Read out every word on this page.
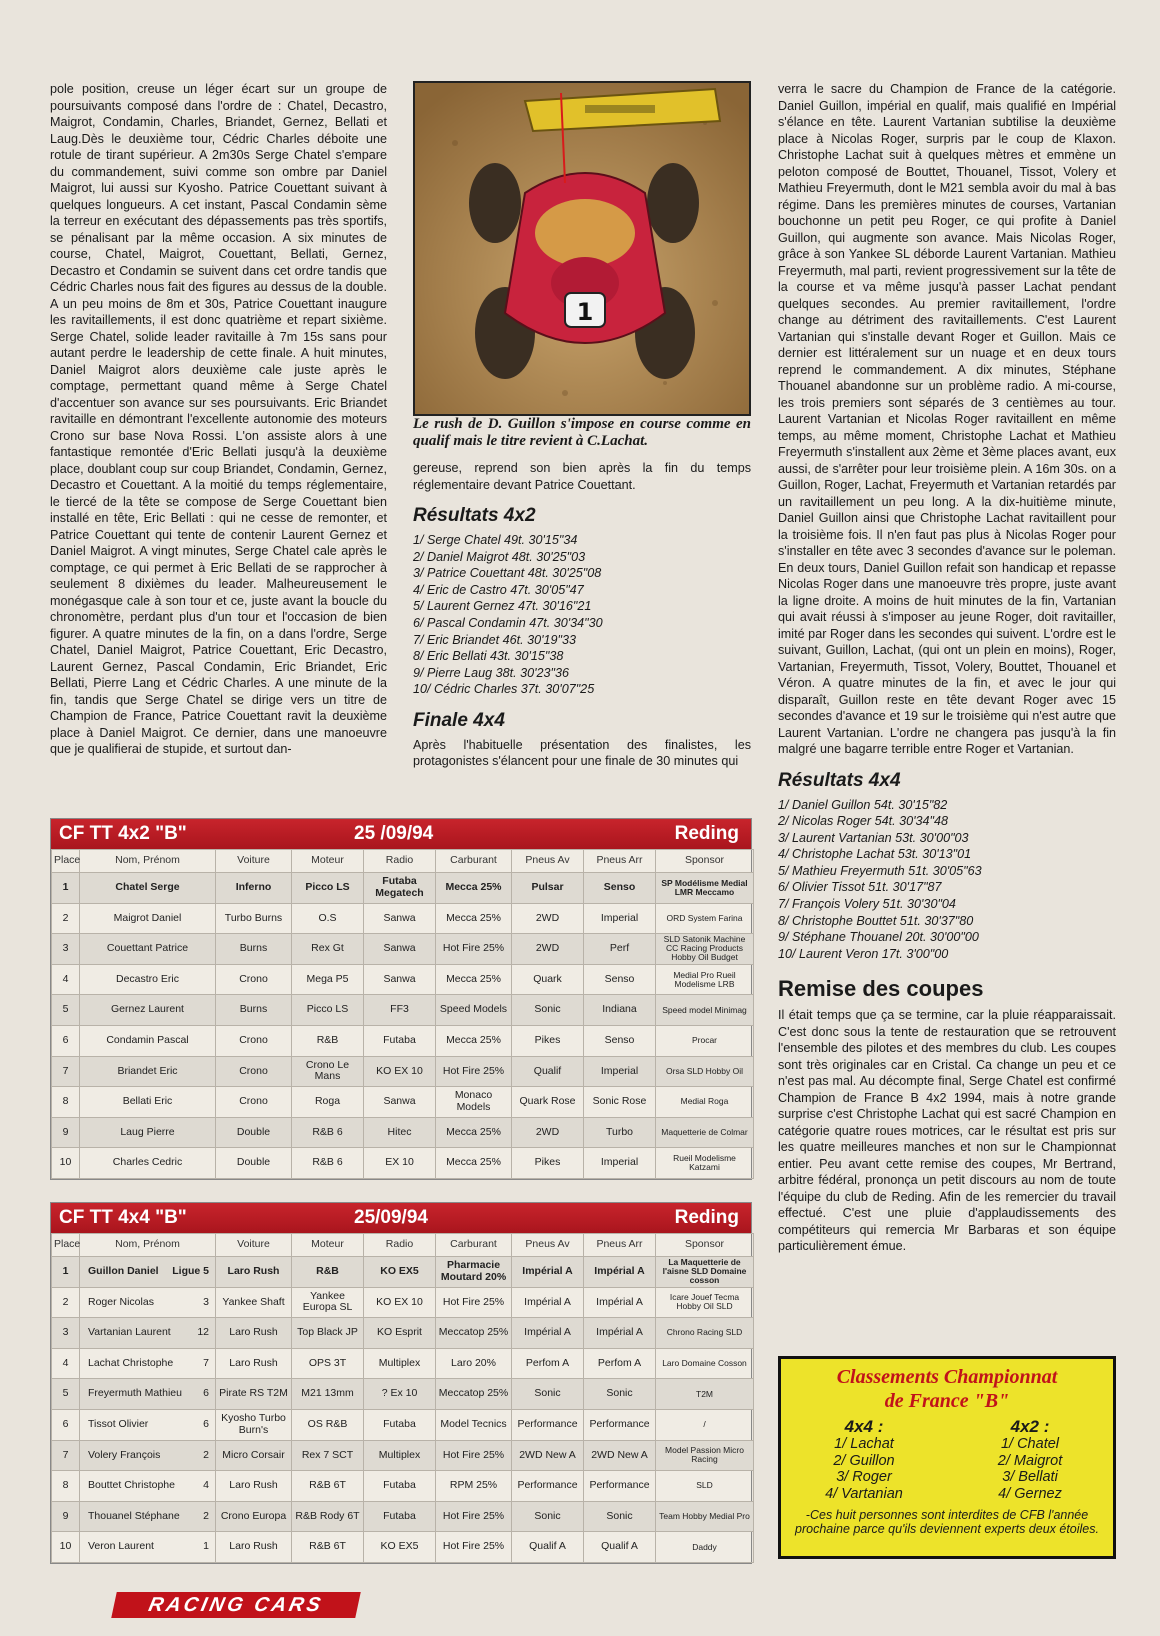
pole position, creuse un léger écart sur un groupe de poursuivants composé dans l'ordre de : Chatel, Decastro, Maigrot, Condamin, Charles, Briandet, Gernez, Bellati et Laug.Dès le deuxième tour, Cédric Charles déboite une rotule de tirant supérieur. A 2m30s Serge Chatel s'empare du commandement, suivi comme son ombre par Daniel Maigrot, lui aussi sur Kyosho. Patrice Couettant suivant à quelques longueurs. A cet instant, Pascal Condamin sème la terreur en exécutant des dépassements pas très sportifs, se pénalisant par la même occasion. A six minutes de course, Chatel, Maigrot, Couettant, Bellati, Gernez, Decastro et Condamin se suivent dans cet ordre tandis que Cédric Charles nous fait des figures au dessus de la double. A un peu moins de 8m et 30s, Patrice Couettant inaugure les ravitaillements, il est donc quatrième et repart sixième. Serge Chatel, solide leader ravitaille à 7m 15s sans pour autant perdre le leadership de cette finale. A huit minutes, Daniel Maigrot alors deuxième cale juste après le comptage, permettant quand même à Serge Chatel d'accentuer son avance sur ses poursuivants. Eric Briandet ravitaille en démontrant l'excellente autonomie des moteurs Crono sur base Nova Rossi. L'on assiste alors à une fantastique remontée d'Eric Bellati jusqu'à la deuxième place, doublant coup sur coup Briandet, Condamin, Gernez, Decastro et Couettant. A la moitié du temps réglementaire, le tiercé de la tête se compose de Serge Couettant bien installé en tête, Eric Bellati : qui ne cesse de remonter, et Patrice Couettant qui tente de contenir Laurent Gernez et Daniel Maigrot. A vingt minutes, Serge Chatel cale après le comptage, ce qui permet à Eric Bellati de se rapprocher à seulement 8 dixièmes du leader. Malheureusement le monégasque cale à son tour et ce, juste avant la boucle du chronomètre, perdant plus d'un tour et l'occasion de bien figurer. A quatre minutes de la fin, on a dans l'ordre, Serge Chatel, Daniel Maigrot, Patrice Couettant, Eric Decastro, Laurent Gernez, Pascal Condamin, Eric Briandet, Eric Bellati, Pierre Lang et Cédric Charles. A une minute de la fin, tandis que Serge Chatel se dirige vers un titre de Champion de France, Patrice Couettant ravit la deuxième place à Daniel Maigrot. Ce dernier, dans une manoeuvre que je qualifierai de stupide, et surtout dan-

1

Le rush de D. Guillon s'impose en course comme en qualif mais le titre revient à C.Lachat.

gereuse, reprend son bien après la fin du temps réglementaire devant Patrice Couettant.

Résultats 4x2
1/ Serge Chatel 49t. 30'15"34
2/ Daniel Maigrot 48t. 30'25"03
3/ Patrice Couettant 48t. 30'25"08
4/ Eric de Castro 47t. 30'05"47
5/ Laurent Gernez 47t. 30'16"21
6/ Pascal Condamin 47t. 30'34"30
7/ Eric Briandet 46t. 30'19"33
8/ Eric Bellati 43t. 30'15"38
9/ Pierre Laug 38t. 30'23"36
10/ Cédric Charles 37t. 30'07"25
Finale 4x4

Après l'habituelle présentation des finalistes, les protagonistes s'élancent pour une finale de 30 minutes qui

verra le sacre du Champion de France de la catégorie. Daniel Guillon, impérial en qualif, mais qualifié en Impérial s'élance en tête. Laurent Vartanian subtilise la deuxième place à Nicolas Roger, surpris par le coup de Klaxon. Christophe Lachat suit à quelques mètres et emmène un peloton composé de Bouttet, Thouanel, Tissot, Volery et Mathieu Freyermuth, dont le M21 sembla avoir du mal à bas régime. Dans les premières minutes de courses, Vartanian bouchonne un petit peu Roger, ce qui profite à Daniel Guillon, qui augmente son avance. Mais Nicolas Roger, grâce à son Yankee SL déborde Laurent Vartanian. Mathieu Freyermuth, mal parti, revient progressivement sur la tête de la course et va même jusqu'à passer Lachat pendant quelques secondes. Au premier ravitaillement, l'ordre change au détriment des ravitaillements. C'est Laurent Vartanian qui s'installe devant Roger et Guillon. Mais ce dernier est littéralement sur un nuage et en deux tours reprend le commandement. A dix minutes, Stéphane Thouanel abandonne sur un problème radio. A mi-course, les trois premiers sont séparés de 3 centièmes au tour. Laurent Vartanian et Nicolas Roger ravitaillent en même temps, au même moment, Christophe Lachat et Mathieu Freyermuth s'installent aux 2ème et 3ème places avant, eux aussi, de s'arrêter pour leur troisième plein. A 16m 30s. on a Guillon, Roger, Lachat, Freyermuth et Vartanian retardés par un ravitaillement un peu long. A la dix-huitième minute, Daniel Guillon ainsi que Christophe Lachat ravitaillent pour la troisième fois. Il n'en faut pas plus à Nicolas Roger pour s'installer en tête avec 3 secondes d'avance sur le poleman. En deux tours, Daniel Guillon refait son handicap et repasse Nicolas Roger dans une manoeuvre très propre, juste avant la ligne droite. A moins de huit minutes de la fin, Vartanian qui avait réussi à s'imposer au jeune Roger, doit ravitailler, imité par Roger dans les secondes qui suivent. L'ordre est le suivant, Guillon, Lachat, (qui ont un plein en moins), Roger, Vartanian, Freyermuth, Tissot, Volery, Bouttet, Thouanel et Véron. A quatre minutes de la fin, et avec le jour qui disparaît, Guillon reste en tête devant Roger avec 15 secondes d'avance et 19 sur le troisième qui n'est autre que Laurent Vartanian. L'ordre ne changera pas jusqu'à la fin malgré une bagarre terrible entre Roger et Vartanian.

Résultats 4x4
1/ Daniel Guillon 54t. 30'15"82
2/ Nicolas Roger 54t. 30'34"48
3/ Laurent Vartanian 53t. 30'00"03
4/ Christophe Lachat 53t. 30'13"01
5/ Mathieu Freyermuth 51t. 30'05"63
6/ Olivier Tissot 51t. 30'17"87
7/ François Volery 51t. 30'30"04
8/ Christophe Bouttet 51t. 30'37"80
9/ Stéphane Thouanel 20t. 30'00"00
10/ Laurent Veron 17t. 3'00"00
Remise des coupes

Il était temps que ça se termine, car la pluie réapparaissait. C'est donc sous la tente de restauration que se retrouvent l'ensemble des pilotes et des membres du club. Les coupes sont très originales car en Cristal. Ca change un peu et ce n'est pas mal. Au décompte final, Serge Chatel est confirmé Champion de France B 4x2 1994, mais à notre grande surprise c'est Christophe Lachat qui est sacré Champion en catégorie quatre roues motrices, car le résultat est pris sur les quatre meilleures manches et non sur le Championnat entier. Peu avant cette remise des coupes, Mr Bertrand, arbitre fédéral, prononça un petit discours au nom de toute l'équipe du club de Reding. Afin de les remercier du travail effectué. C'est une pluie d'applaudissements des compétiteurs qui remercia Mr Barbaras et son équipe particulièrement émue.

CF TT 4x2 "B"	25 /09/94	Reding
Place	Nom, Prénom	Voiture	Moteur	Radio	Carburant	Pneus Av	Pneus Arr	Sponsor
1	Chatel Serge	Inferno	Picco LS	Futaba Megatech	Mecca 25%	Pulsar	Senso	SP Modélisme Medial LMR Meccamo
2	Maigrot Daniel	Turbo Burns	O.S	Sanwa	Mecca 25%	2WD	Imperial	ORD System Farina
3	Couettant Patrice	Burns	Rex Gt	Sanwa	Hot Fire 25%	2WD	Perf	SLD Satonik Machine CC Racing Products Hobby Oil Budget
4	Decastro Eric	Crono	Mega P5	Sanwa	Mecca 25%	Quark	Senso	Medial Pro Rueil Modelisme LRB
5	Gernez Laurent	Burns	Picco LS	FF3	Speed Models	Sonic	Indiana	Speed model Minimag
6	Condamin Pascal	Crono	R&B	Futaba	Mecca 25%	Pikes	Senso	Procar
7	Briandet Eric	Crono	Crono Le Mans	KO EX 10	Hot Fire 25%	Qualif	Imperial	Orsa SLD Hobby Oil
8	Bellati Eric	Crono	Roga	Sanwa	Monaco Models	Quark Rose	Sonic Rose	Medial Roga
9	Laug Pierre	Double	R&B 6	Hitec	Mecca 25%	2WD	Turbo	Maquetterie de Colmar
10	Charles Cedric	Double	R&B 6	EX 10	Mecca 25%	Pikes	Imperial	Rueil Modelisme Katzami
CF TT 4x4 "B"	25/09/94	Reding
Place	Nom, Prénom	Voiture	Moteur	Radio	Carburant	Pneus Av	Pneus Arr	Sponsor
1	Guillon Daniel Ligue 5	Laro Rush	R&B	KO EX5	Pharmacie Moutard 20%	Impérial A	Impérial A	La Maquetterie de l'aisne SLD Domaine cosson
2	Roger Nicolas 3	Yankee Shaft	Yankee Europa SL	KO EX 10	Hot Fire 25%	Impérial A	Impérial A	Icare Jouef Tecma Hobby Oil SLD
3	Vartanian Laurent 12	Laro Rush	Top Black JP	KO Esprit	Meccatop 25%	Impérial A	Impérial A	Chrono Racing SLD
4	Lachat Christophe 7	Laro Rush	OPS 3T	Multiplex	Laro 20%	Perfom A	Perfom A	Laro Domaine Cosson
5	Freyermuth Mathieu 6	Pirate RS T2M	M21 13mm	? Ex 10	Meccatop 25%	Sonic	Sonic	T2M
6	Tissot Olivier 6	Kyosho Turbo Burn's	OS R&B	Futaba	Model Tecnics	Performance	Performance	/
7	Volery François 2	Micro Corsair	Rex 7 SCT	Multiplex	Hot Fire 25%	2WD New A	2WD New A	Model Passion Micro Racing
8	Bouttet Christophe 4	Laro Rush	R&B 6T	Futaba	RPM 25%	Performance	Performance	SLD
9	Thouanel Stéphane 2	Crono Europa	R&B Rody 6T	Futaba	Hot Fire 25%	Sonic	Sonic	Team Hobby Medial Pro
10	Veron Laurent 1	Laro Rush	R&B 6T	KO EX5	Hot Fire 25%	Qualif A	Qualif A	Daddy
Classements Championnat
de France "B"
4x4 :
1/ Lachat
2/ Guillon
3/ Roger
4/ Vartanian
4x2 :
1/ Chatel
2/ Maigrot
3/ Bellati
4/ Gernez
-Ces huit personnes sont interdites de CFB l'année prochaine parce qu'ils deviennent experts deux étoiles.
RACING CARS
